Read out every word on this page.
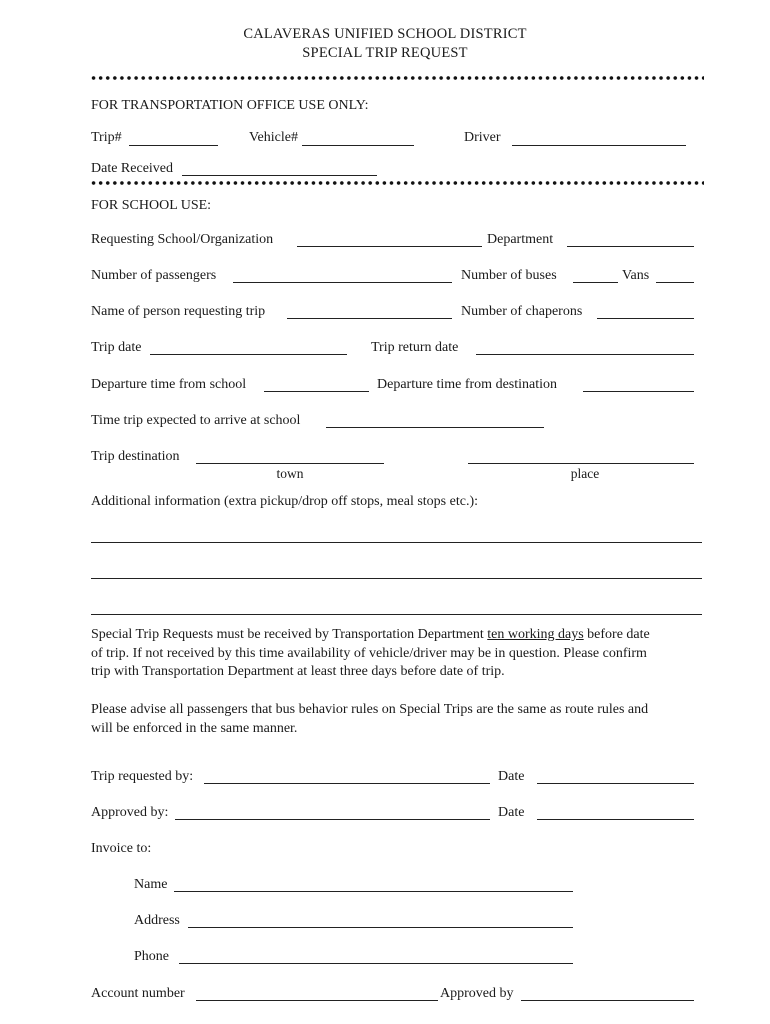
CALAVERAS UNIFIED SCHOOL DISTRICT
SPECIAL TRIP REQUEST
FOR TRANSPORTATION OFFICE USE ONLY:
Trip#	Vehicle#	Driver
Date Received
FOR SCHOOL USE:
Requesting School/Organization	Department
Number of passengers	Number of buses	Vans
Name of person requesting trip	Number of chaperons
Trip date	Trip return date
Departure time from school	Departure time from destination
Time trip expected to arrive at school
Trip destination
town	place
Additional information (extra pickup/drop off stops, meal stops etc.):
Special Trip Requests must be received by Transportation Department ten working days before date
of trip. If not received by this time availability of vehicle/driver may be in question. Please confirm
trip with Transportation Department at least three days before date of trip.
Please advise all passengers that bus behavior rules on Special Trips are the same as route rules and
will be enforced in the same manner.
Trip requested by:	Date
Approved by:	Date
Invoice to:
Name
Address
Phone
Account number	Approved by
